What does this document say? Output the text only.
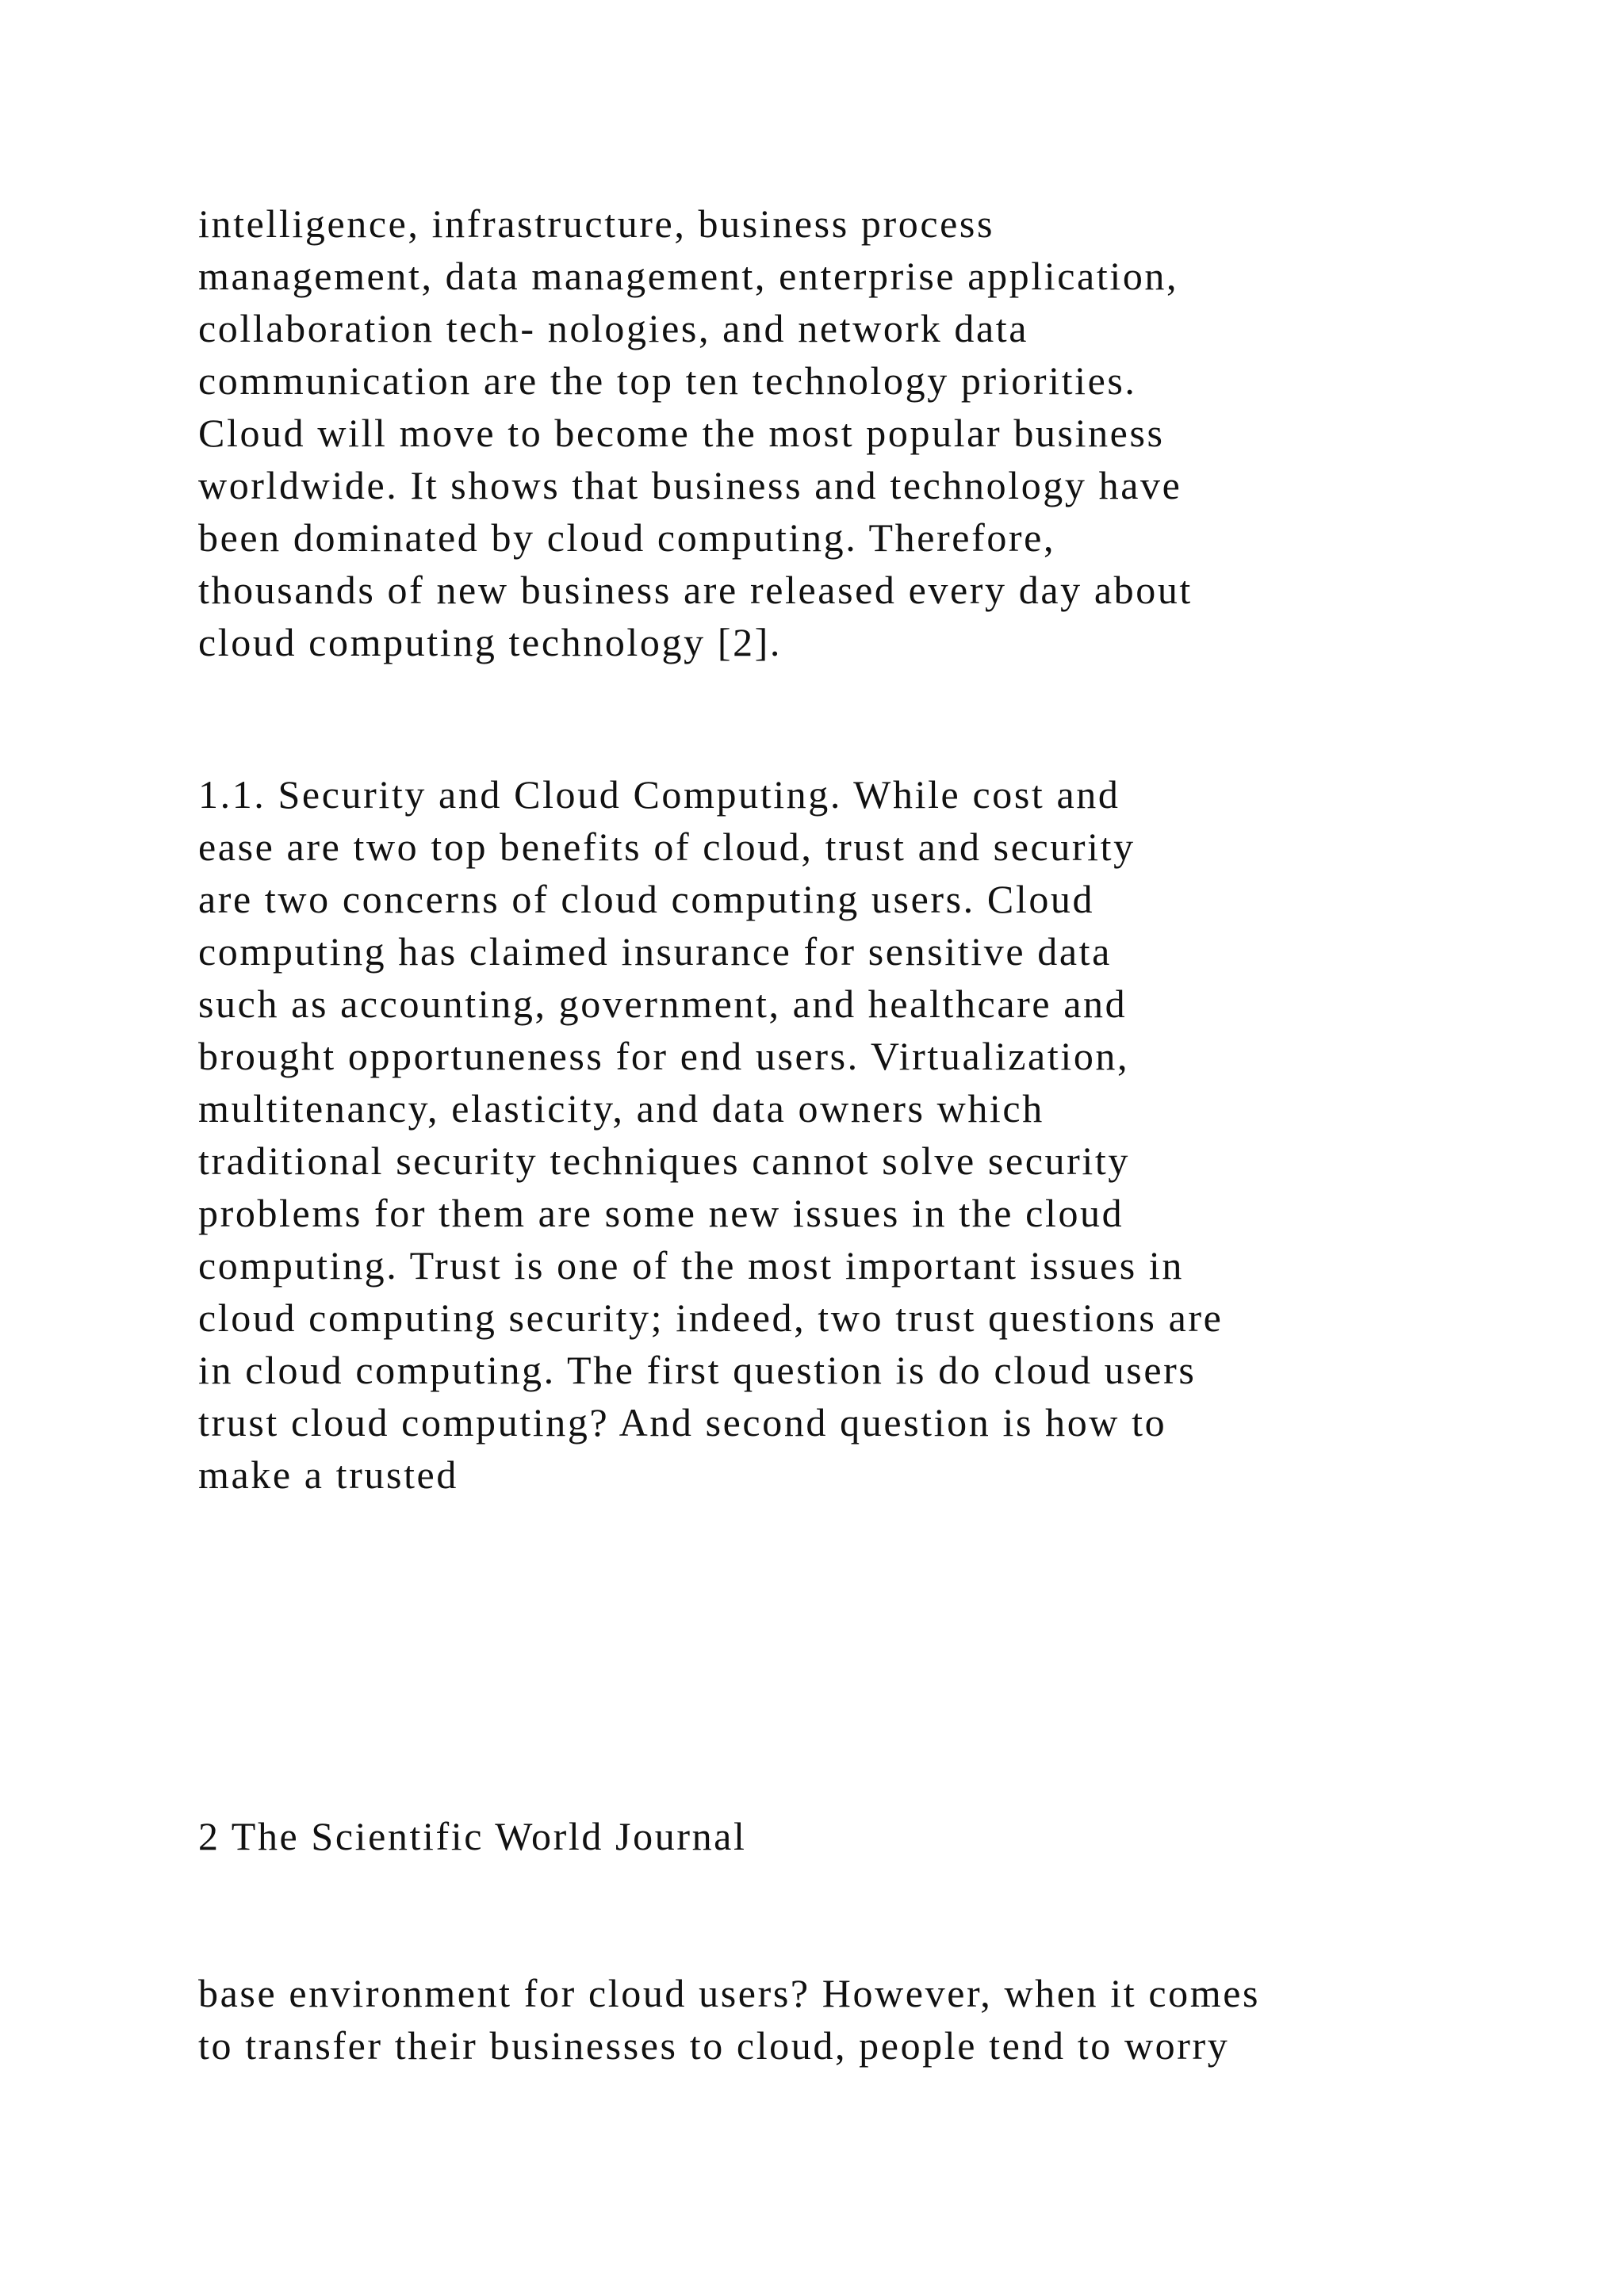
intelligence, infrastructure, business process
management, data management, enterprise application,
collaboration tech- nologies, and network data
communication are the top ten technology priorities.
Cloud will move to become the most popular business
worldwide. It shows that business and technology have
been dominated by cloud computing. Therefore,
thousands of new business are released every day about
cloud computing technology [2].
1.1. Security and Cloud Computing. While cost and
ease are two top benefits of cloud, trust and security
are two concerns of cloud computing users. Cloud
computing has claimed insurance for sensitive data
such as accounting, government, and healthcare and
brought opportuneness for end users. Virtualization,
multitenancy, elasticity, and data owners which
traditional security techniques cannot solve security
problems for them are some new issues in the cloud
computing. Trust is one of the most important issues in
cloud computing security; indeed, two trust questions are
in cloud computing. The first question is do cloud users
trust cloud computing? And second question is how to
make a trusted
2 The Scientific World Journal
base environment for cloud users? However, when it comes
to transfer their businesses to cloud, people tend to worry
